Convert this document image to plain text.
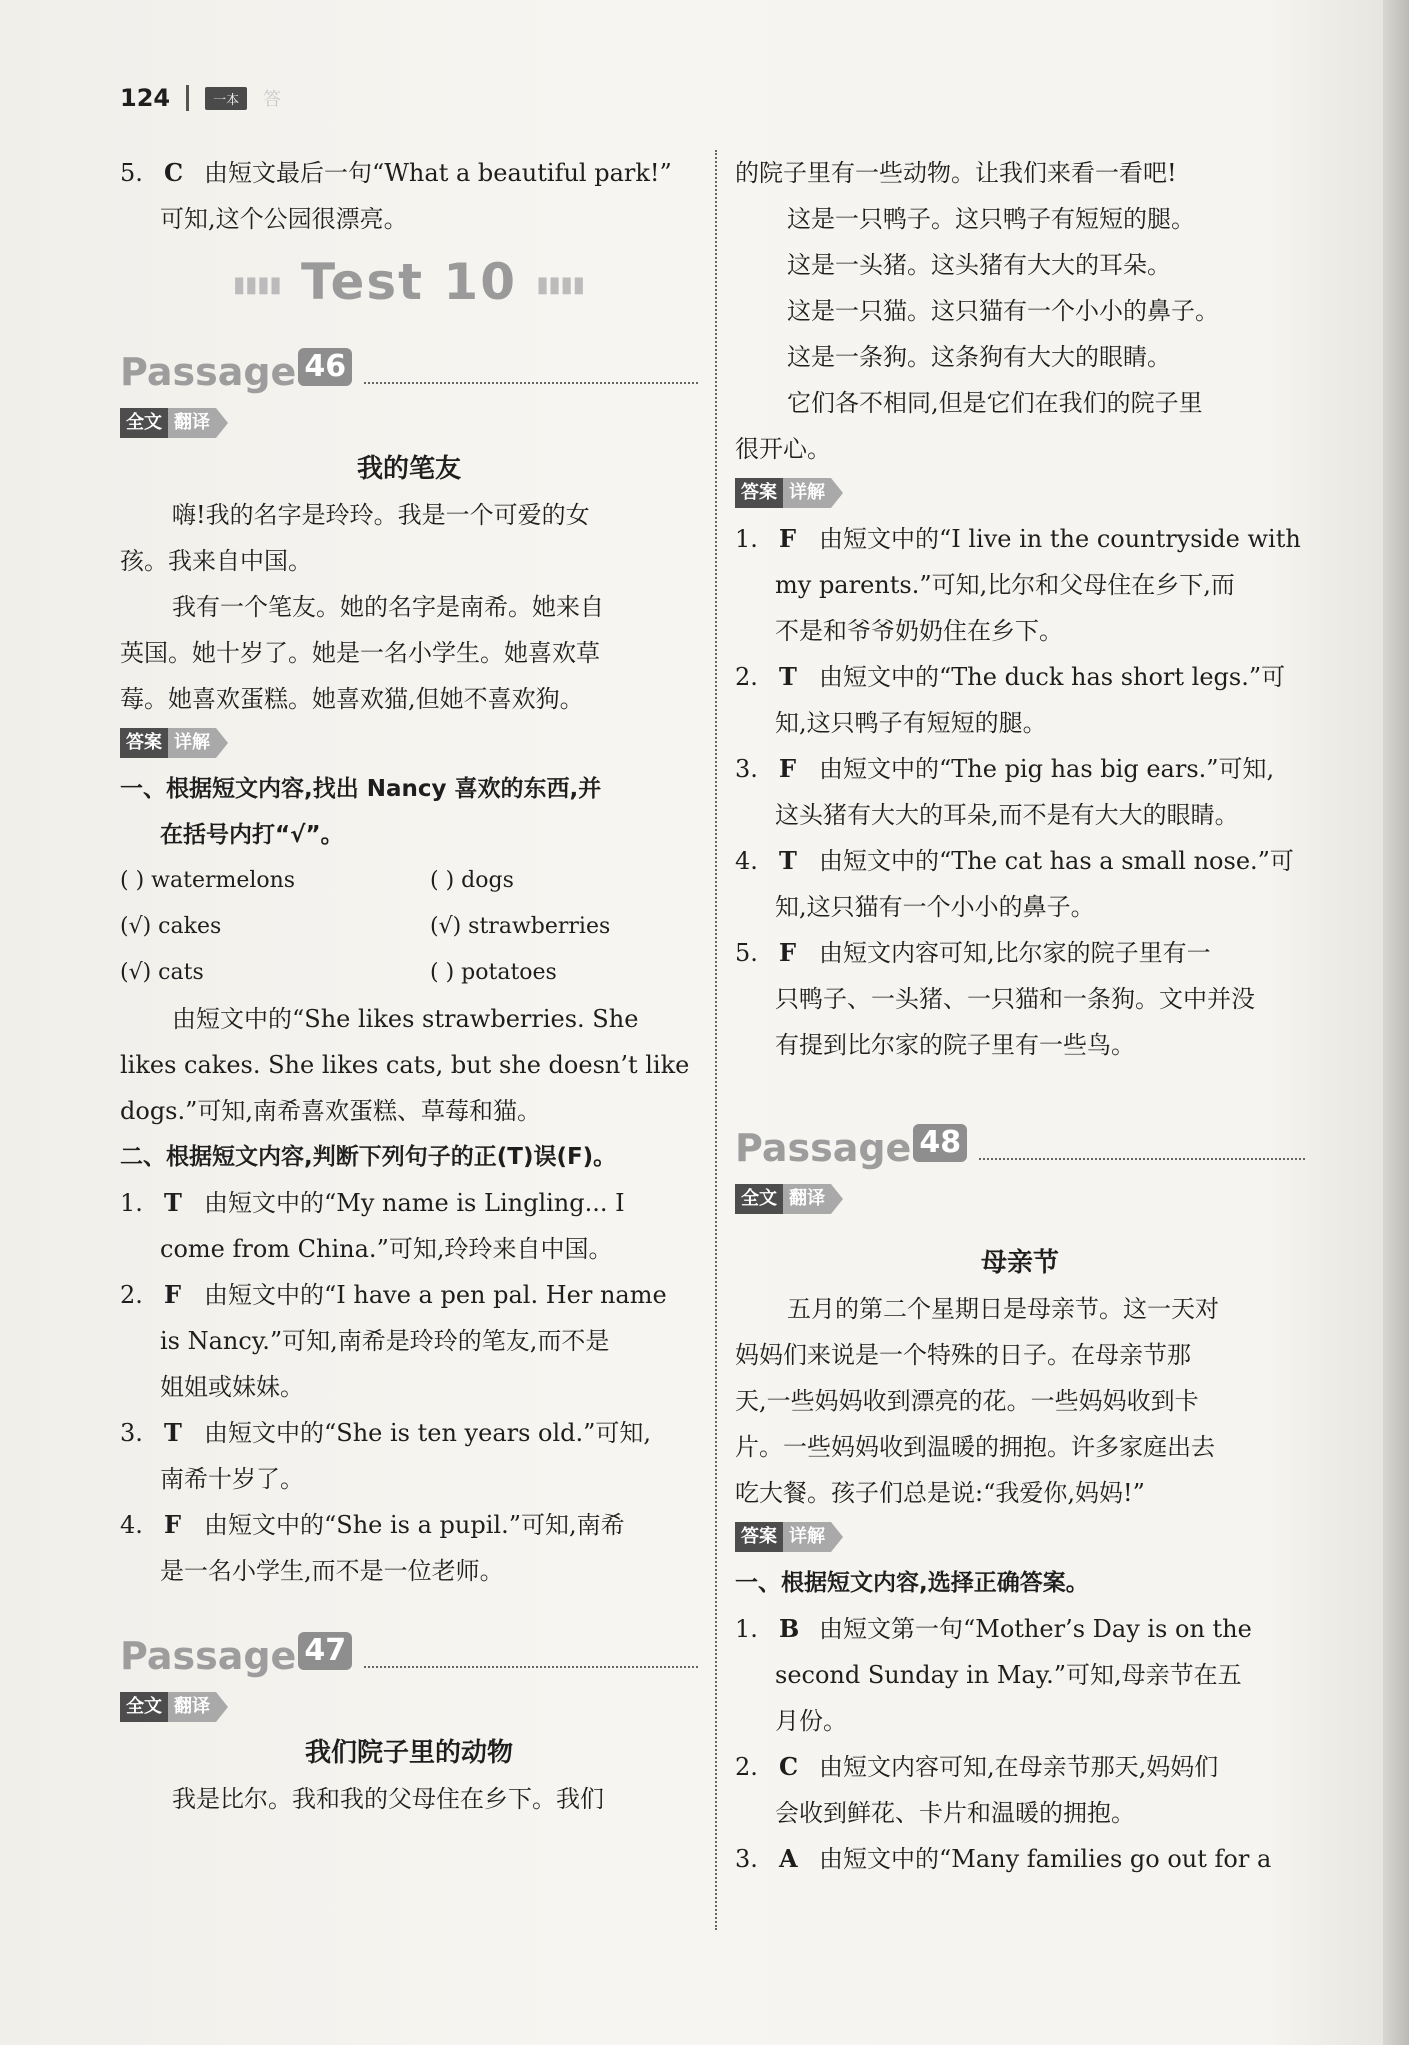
124	一本	答
5. C 由短文最后一句“What a beautiful park!”
可知,这个公园很漂亮。
▮▮▮▮ Test 10 ▮▮▮▮
Passage 46
全文 翻译
我的笔友
嗨!我的名字是玲玲。我是一个可爱的女
孩。我来自中国。
我有一个笔友。她的名字是南希。她来自
英国。她十岁了。她是一名小学生。她喜欢草
莓。她喜欢蛋糕。她喜欢猫,但她不喜欢狗。
答案 详解
一、根据短文内容,找出 Nancy 喜欢的东西,并
在括号内打“√”。
( ) watermelons	( ) dogs
(√) cakes	(√) strawberries
(√) cats	( ) potatoes
由短文中的“She likes strawberries. She
likes cakes. She likes cats, but she doesn’t like
dogs.”可知,南希喜欢蛋糕、草莓和猫。
二、根据短文内容,判断下列句子的正(T)误(F)。
1. T 由短文中的“My name is Lingling... I
come from China.”可知,玲玲来自中国。
2. F 由短文中的“I have a pen pal. Her name
is Nancy.”可知,南希是玲玲的笔友,而不是
姐姐或妹妹。
3. T 由短文中的“She is ten years old.”可知,
南希十岁了。
4. F 由短文中的“She is a pupil.”可知,南希
是一名小学生,而不是一位老师。
Passage 47
全文 翻译
我们院子里的动物
我是比尔。我和我的父母住在乡下。我们
的院子里有一些动物。让我们来看一看吧!
这是一只鸭子。这只鸭子有短短的腿。
这是一头猪。这头猪有大大的耳朵。
这是一只猫。这只猫有一个小小的鼻子。
这是一条狗。这条狗有大大的眼睛。
它们各不相同,但是它们在我们的院子里
很开心。
答案 详解
1. F 由短文中的“I live in the countryside with
my parents.”可知,比尔和父母住在乡下,而
不是和爷爷奶奶住在乡下。
2. T 由短文中的“The duck has short legs.”可
知,这只鸭子有短短的腿。
3. F 由短文中的“The pig has big ears.”可知,
这头猪有大大的耳朵,而不是有大大的眼睛。
4. T 由短文中的“The cat has a small nose.”可
知,这只猫有一个小小的鼻子。
5. F 由短文内容可知,比尔家的院子里有一
只鸭子、一头猪、一只猫和一条狗。文中并没
有提到比尔家的院子里有一些鸟。
Passage 48
全文 翻译
母亲节
五月的第二个星期日是母亲节。这一天对
妈妈们来说是一个特殊的日子。在母亲节那
天,一些妈妈收到漂亮的花。一些妈妈收到卡
片。一些妈妈收到温暖的拥抱。许多家庭出去
吃大餐。孩子们总是说:“我爱你,妈妈!”
答案 详解
一、根据短文内容,选择正确答案。
1. B 由短文第一句“Mother’s Day is on the
second Sunday in May.”可知,母亲节在五
月份。
2. C 由短文内容可知,在母亲节那天,妈妈们
会收到鲜花、卡片和温暖的拥抱。
3. A 由短文中的“Many families go out for a
